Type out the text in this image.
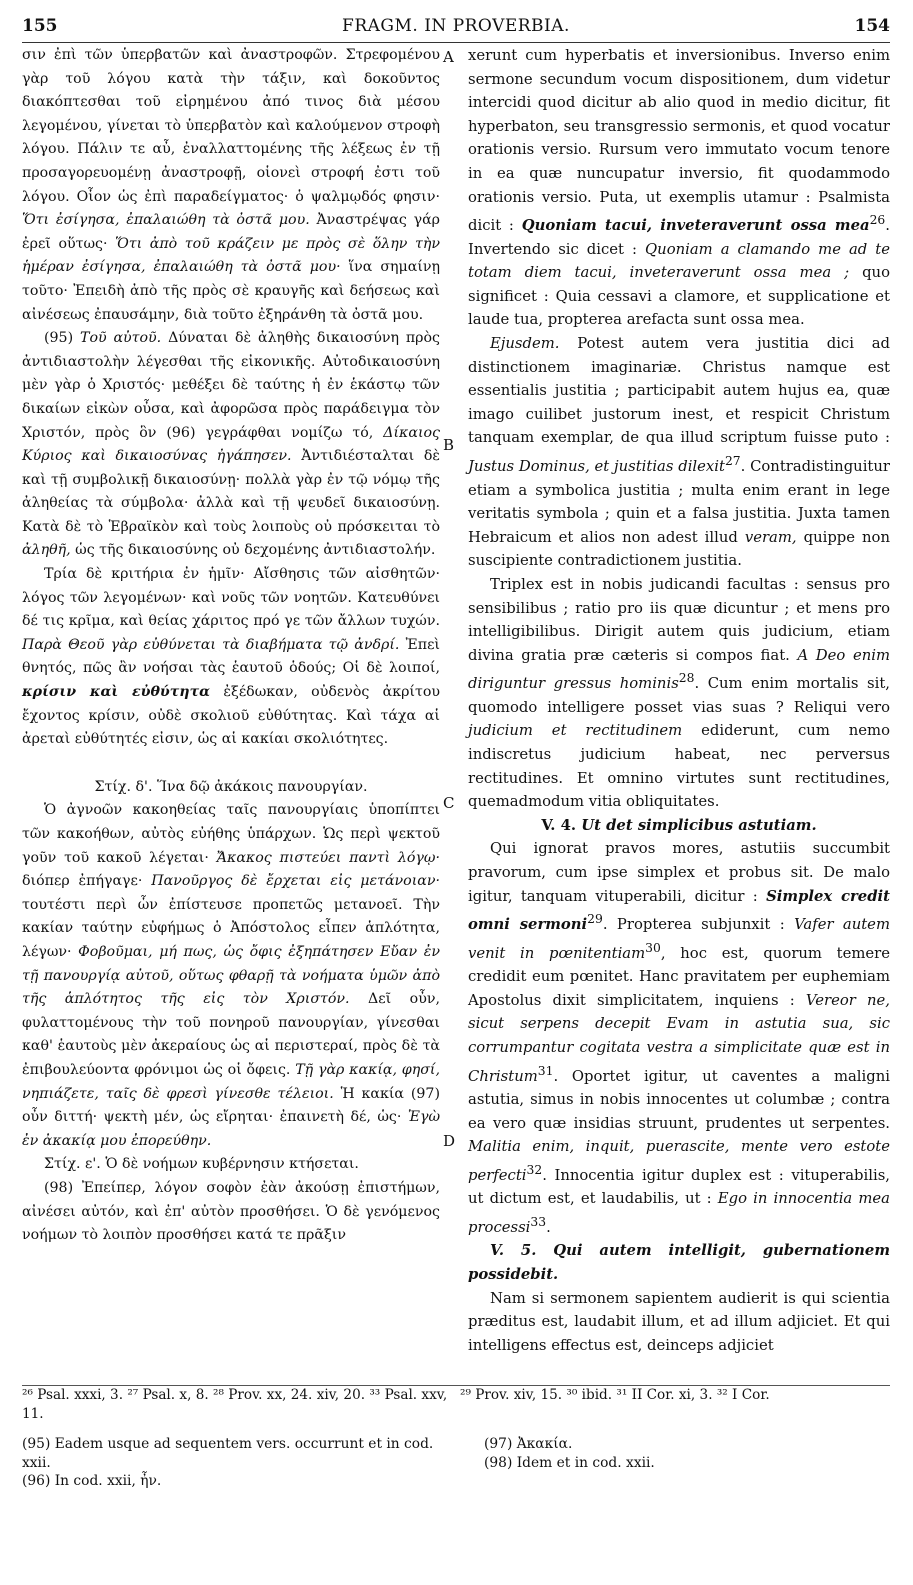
155	FRAGM. IN PROVERBIA.	154

σιν ἐπὶ τῶν ὑπερβατῶν καὶ ἀναστροφῶν. Στρεφομένου γὰρ τοῦ λόγου κατὰ τὴν τάξιν, καὶ δοκοῦντος διακόπτεσθαι τοῦ εἰρημένου ἀπό τινος διὰ μέσου λεγομένου, γίνεται τὸ ὑπερβατὸν καὶ καλούμενον στροφὴ λόγου. Πάλιν τε αὖ, ἐναλλαττομένης τῆς λέξεως ἐν τῇ προσαγορευομένῃ ἀναστροφῇ, οἱονεὶ στροφή ἐστι τοῦ λόγου. Οἷον ὡς ἐπὶ παραδείγματος· ὁ ψαλμῳδός φησιν· Ὅτι ἐσίγησα, ἐπαλαιώθη τὰ ὀστᾶ μου. Ἀναστρέψας γάρ ἐρεῖ οὕτως· Ὅτι ἀπὸ τοῦ κράζειν με πρὸς σὲ ὅλην τὴν ἡμέραν ἐσίγησα, ἐπαλαιώθη τὰ ὀστᾶ μου· ἵνα σημαίνῃ τοῦτο· Ἐπειδὴ ἀπὸ τῆς πρὸς σὲ κραυγῆς καὶ δεήσεως καὶ αἰνέσεως ἐπαυσάμην, διὰ τοῦτο ἐξηράνθη τὰ ὀστᾶ μου.

(95) Τοῦ αὐτοῦ. Δύναται δὲ ἀληθὴς δικαιοσύνη πρὸς ἀντιδιαστολὴν λέγεσθαι τῆς εἰκονικῆς. Αὐτοδικαιοσύνη μὲν γὰρ ὁ Χριστός· μεθέξει δὲ ταύτης ἡ ἐν ἑκάστῳ τῶν δικαίων εἰκὼν οὖσα, καὶ ἀφορῶσα πρὸς παράδειγμα τὸν Χριστόν, πρὸς ὃν (96) γεγράφθαι νομίζω τό, Δίκαιος Κύριος καὶ δικαιοσύνας ἠγάπησεν. Ἀντιδιέσταλται δὲ καὶ τῇ συμβολικῇ δικαιοσύνῃ· πολλὰ γὰρ ἐν τῷ νόμῳ τῆς ἀληθείας τὰ σύμβολα· ἀλλὰ καὶ τῇ ψευδεῖ δικαιοσύνῃ. Κατὰ δὲ τὸ Ἑβραϊκὸν καὶ τοὺς λοιποὺς οὐ πρόσκειται τὸ ἀληθῆ, ὡς τῆς δικαιοσύνης οὐ δεχομένης ἀντιδιαστολήν.

Τρία δὲ κριτήρια ἐν ἡμῖν· Αἴσθησις τῶν αἰσθητῶν· λόγος τῶν λεγομένων· καὶ νοῦς τῶν νοητῶν. Κατευθύνει δέ τις κρῖμα, καὶ θείας χάριτος πρό γε τῶν ἄλλων τυχών. Παρὰ Θεοῦ γὰρ εὐθύνεται τὰ διαβήματα τῷ ἀνδρί. Ἐπεὶ θνητός, πῶς ἂν νοήσαι τὰς ἑαυτοῦ ὁδούς; Οἱ δὲ λοιποί, κρίσιν καὶ εὐθύτητα ἐξέδωκαν, οὐδενὸς ἀκρίτου ἔχοντος κρίσιν, οὐδὲ σκολιοῦ εὐθύτητας. Καὶ τάχα αἱ ἀρεταὶ εὐθύτητές εἰσιν, ὡς αἱ κακίαι σκολιότητες.

Στίχ. δ'. Ἵνα δῷ ἀκάκοις πανουργίαν.

Ὁ ἀγνοῶν κακοηθείας ταῖς πανουργίαις ὑποπίπτει τῶν κακοήθων, αὐτὸς εὐήθης ὑπάρχων. Ὡς περὶ ψεκτοῦ γοῦν τοῦ κακοῦ λέγεται· Ἄκακος πιστεύει παντὶ λόγῳ· διόπερ ἐπήγαγε· Πανοῦργος δὲ ἔρχεται εἰς μετάνοιαν· τουτέστι περὶ ὧν ἐπίστευσε προπετῶς μετανοεῖ. Τὴν κακίαν ταύτην εὐφήμως ὁ Ἀπόστολος εἶπεν ἁπλότητα, λέγων· Φοβοῦμαι, μή πως, ὡς ὄφις ἐξηπάτησεν Εὔαν ἐν τῇ πανουργίᾳ αὐτοῦ, οὕτως φθαρῇ τὰ νοήματα ὑμῶν ἀπὸ τῆς ἁπλότητος τῆς εἰς τὸν Χριστόν. Δεῖ οὖν, φυλαττομένους τὴν τοῦ πονηροῦ πανουργίαν, γίνεσθαι καθ' ἑαυτοὺς μὲν ἀκεραίους ὡς αἱ περιστεραί, πρὸς δὲ τὰ ἐπιβουλεύοντα φρόνιμοι ὡς οἱ ὄφεις. Τῇ γὰρ κακίᾳ, φησί, νηπιάζετε, ταῖς δὲ φρεσὶ γίνεσθε τέλειοι. Ἡ κακία (97) οὖν διττή· ψεκτὴ μέν, ὡς εἴρηται· ἐπαινετὴ δέ, ὡς· Ἐγὼ ἐν ἀκακίᾳ μου ἐπορεύθην.

Στίχ. ε'. Ὁ δὲ νοήμων κυβέρνησιν κτήσεται.

(98) Ἐπείπερ, λόγον σοφὸν ἐὰν ἀκούσῃ ἐπιστήμων, αἰνέσει αὐτόν, καὶ ἐπ' αὐτὸν προσθήσει. Ὁ δὲ γενόμενος νοήμων τὸ λοιπὸν προσθήσει κατά τε πρᾶξιν

A
B
C
D

xerunt cum hyperbatis et inversionibus. Inverso enim sermone secundum vocum dispositionem, dum videtur intercidi quod dicitur ab alio quod in medio dicitur, fit hyperbaton, seu transgressio sermonis, et quod vocatur orationis versio. Rursum vero immutato vocum tenore in ea quæ nuncupatur inversio, fit quodammodo orationis versio. Puta, ut exemplis utamur : Psalmista dicit : Quoniam tacui, inveteraverunt ossa mea$^{26}$. Invertendo sic dicet : Quoniam a clamando me ad te totam diem tacui, inveteraverunt ossa mea ; quo significet : Quia cessavi a clamore, et supplicatione et laude tua, propterea arefacta sunt ossa mea.

Ejusdem. Potest autem vera justitia dici ad distinctionem imaginariæ. Christus namque est essentialis justitia ; participabit autem hujus ea, quæ imago cuilibet justorum inest, et respicit Christum tanquam exemplar, de qua illud scriptum fuisse puto : Justus Dominus, et justitias dilexit$^{27}$. Contradistinguitur etiam a symbolica justitia ; multa enim erant in lege veritatis symbola ; quin et a falsa justitia. Juxta tamen Hebraicum et alios non adest illud veram, quippe non suscipiente contradictionem justitia.

Triplex est in nobis judicandi facultas : sensus pro sensibilibus ; ratio pro iis quæ dicuntur ; et mens pro intelligibilibus. Dirigit autem quis judicium, etiam divina gratia præ cæteris si compos fiat. A Deo enim diriguntur gressus hominis$^{28}$. Cum enim mortalis sit, quomodo intelligere posset vias suas ? Reliqui vero judicium et rectitudinem ediderunt, cum nemo indiscretus judicium habeat, nec perversus rectitudines. Et omnino virtutes sunt rectitudines, quemadmodum vitia obliquitates.

V. 4. Ut det simplicibus astutiam.

Qui ignorat pravos mores, astutiis succumbit pravorum, cum ipse simplex et probus sit. De malo igitur, tanquam vituperabili, dicitur : Simplex credit omni sermoni$^{29}$. Propterea subjunxit : Vafer autem venit in pœnitentiam$^{30}$, hoc est, quorum temere credidit eum pœnitet. Hanc pravitatem per euphemiam Apostolus dixit simplicitatem, inquiens : Vereor ne, sicut serpens decepit Evam in astutia sua, sic corrumpantur cogitata vestra a simplicitate quæ est in Christum$^{31}$. Oportet igitur, ut caventes a maligni astutia, simus in nobis innocentes ut columbæ ; contra ea vero quæ insidias struunt, prudentes ut serpentes. Malitia enim, inquit, puerascite, mente vero estote perfecti$^{32}$. Innocentia igitur duplex est : vituperabilis, ut dictum est, et laudabilis, ut : Ego in innocentia mea processi$^{33}$.

V. 5. Qui autem intelligit, gubernationem possidebit.

Nam si sermonem sapientem audierit is qui scientia præditus est, laudabit illum, et ad illum adjiciet. Et qui intelligens effectus est, deinceps adjiciet

²⁶ Psal. xxxi, 3. ²⁷ Psal. x, 8. ²⁸ Prov. xx, 24. xiv, 20. ³³ Psal. xxv, 11.
²⁹ Prov. xiv, 15. ³⁰ ibid. ³¹ II Cor. xi, 3. ³² I Cor.
(95) Eadem usque ad sequentem vers. occurrunt et in cod. xxii.
(96) In cod. xxii, ἦν.
(97) Ἀκακία.
(98) Idem et in cod. xxii.
